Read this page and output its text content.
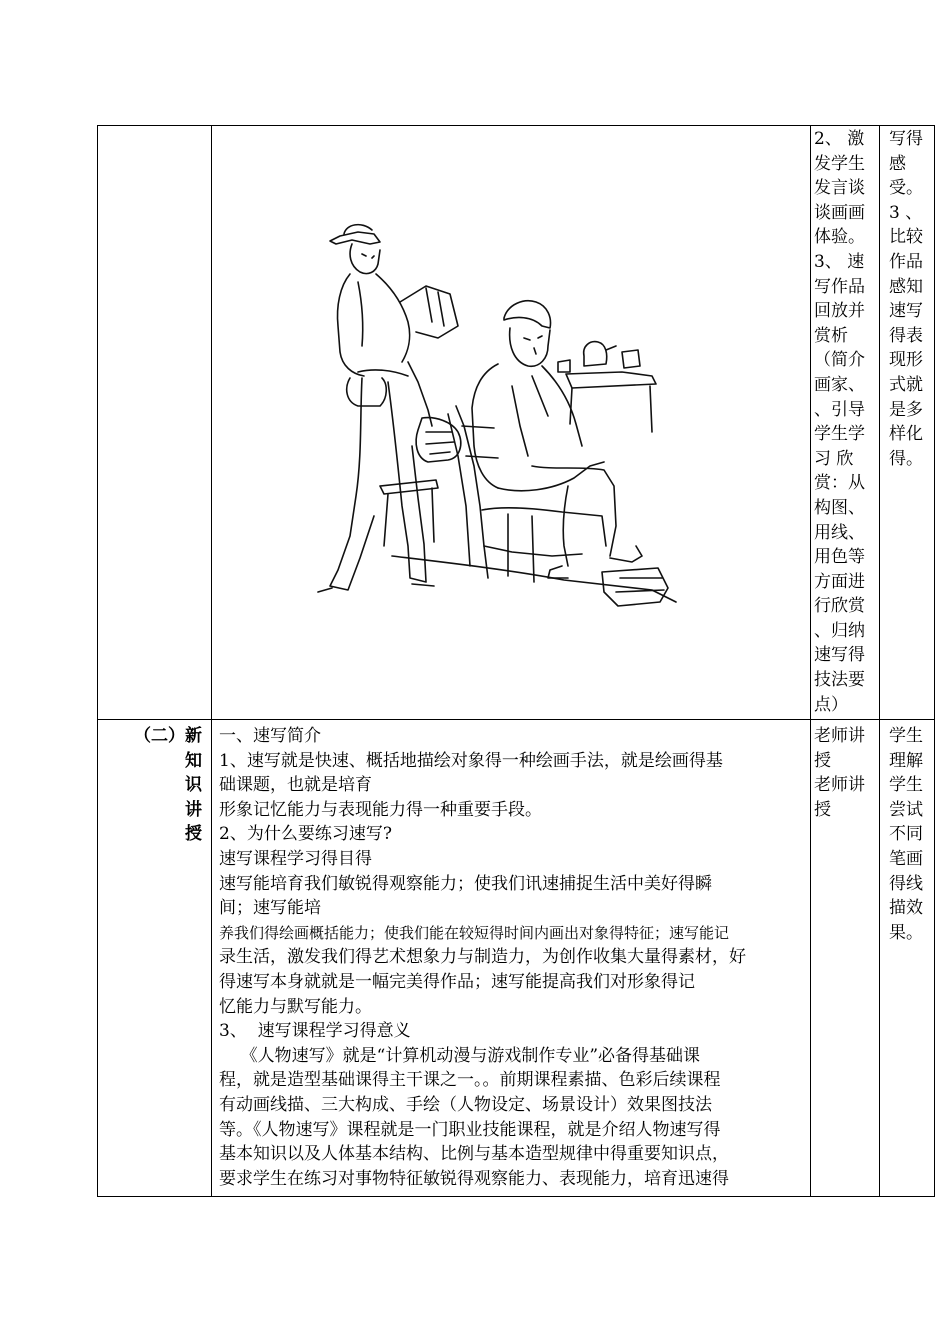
2、 激
发学生
发言谈
谈画画
体验。
3、 速
写作品
回放并
赏析
（简介
画家、
、引导
学生学
习 欣
赏：从
构图、
用线、
用色等
方面进
行欣赏
、归纳
速写得
技法要
点）
写得
感
受。
3 、
比较
作品
感知
速写
得表
现形
式就
是多
样化
得。
（二）新
知
识
讲
授
一、速写简介
1、速写就是快速、概括地描绘对象得一种绘画手法，就是绘画得基
础课题，也就是培育
形象记忆能力与表现能力得一种重要手段。
2、为什么要练习速写?
速写课程学习得目得
速写能培育我们敏锐得观察能力；使我们讯速捕捉生活中美好得瞬
间；速写能培
养我们得绘画概括能力；使我们能在较短得时间内画出对象得特征；速写能记
录生活，激发我们得艺术想象力与制造力，为创作收集大量得素材，好
得速写本身就就是一幅完美得作品；速写能提高我们对形象得记
忆能力与默写能力。
3、  速写课程学习得意义
《人物速写》就是“计算机动漫与游戏制作专业”必备得基础课
程，就是造型基础课得主干课之一。。前期课程素描、色彩后续课程
有动画线描、三大构成、手绘（人物设定、场景设计）效果图技法
等。《人物速写》课程就是一门职业技能课程，就是介绍人物速写得
基本知识以及人体基本结构、比例与基本造型规律中得重要知识点，
要求学生在练习对事物特征敏锐得观察能力、表现能力，培育迅速得
老师讲
授
老师讲
授
学生
理解
学生
尝试
不同
笔画
得线
描效
果。
